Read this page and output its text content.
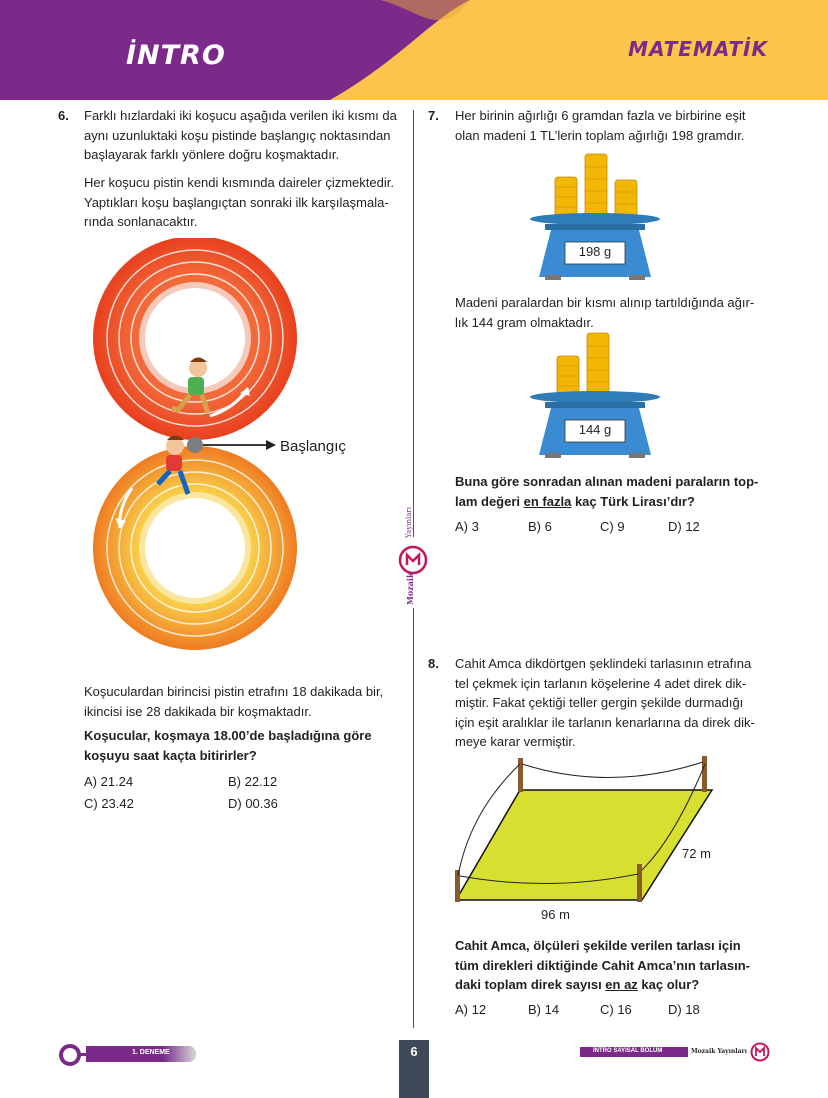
İNTRO	MATEMATİK
Mozaik
Yayınları
6. Farklı hızlardaki iki koşucu aşağıda verilen iki kısmı da
aynı uzunluktaki koşu pistinde başlangıç noktasından
başlayarak farklı yönlere doğru koşmaktadır.
Her koşucu pistin kendi kısmında daireler çizmektedir.
Yaptıkları koşu başlangıçtan sonraki ilk karşılaşmala-
rında sonlanacaktır.
Başlangıç
Koşuculardan birincisi pistin etrafını 18 dakikada bir,
ikincisi ise 28 dakikada bir koşmaktadır.
Koşucular, koşmaya 18.00’de başladığına göre
koşuyu saat kaçta bitirirler?
A) 21.24	B) 22.12
C) 23.42	D) 00.36
7. Her birinin ağırlığı 6 gramdan fazla ve birbirine eşit
olan madeni 1 TL’lerin toplam ağırlığı 198 gramdır.
198 g
Madeni paralardan bir kısmı alınıp tartıldığında ağır-
lık 144 gram olmaktadır.
144 g
Buna göre sonradan alınan madeni paraların top-
lam değeri en fazla kaç Türk Lirası’dır?
A) 3	B) 6	C) 9	D) 12
8. Cahit Amca dikdörtgen şeklindeki tarlasının etrafına
tel çekmek için tarlanın köşelerine 4 adet direk dik-
miştir. Fakat çektiği teller gergin şekilde durmadığı
için eşit aralıklar ile tarlanın kenarlarına da direk dik-
meye karar vermiştir.
72 m
96 m
Cahit Amca, ölçüleri şekilde verilen tarlası için
tüm direkleri diktiğinde Cahit Amca’nın tarlasın-
daki toplam direk sayısı en az kaç olur?
A) 12	B) 14	C) 16	D) 18
1. DENEME	6	İNTRO SAYISAL BÖLÜM	Mozaik Yayınları
